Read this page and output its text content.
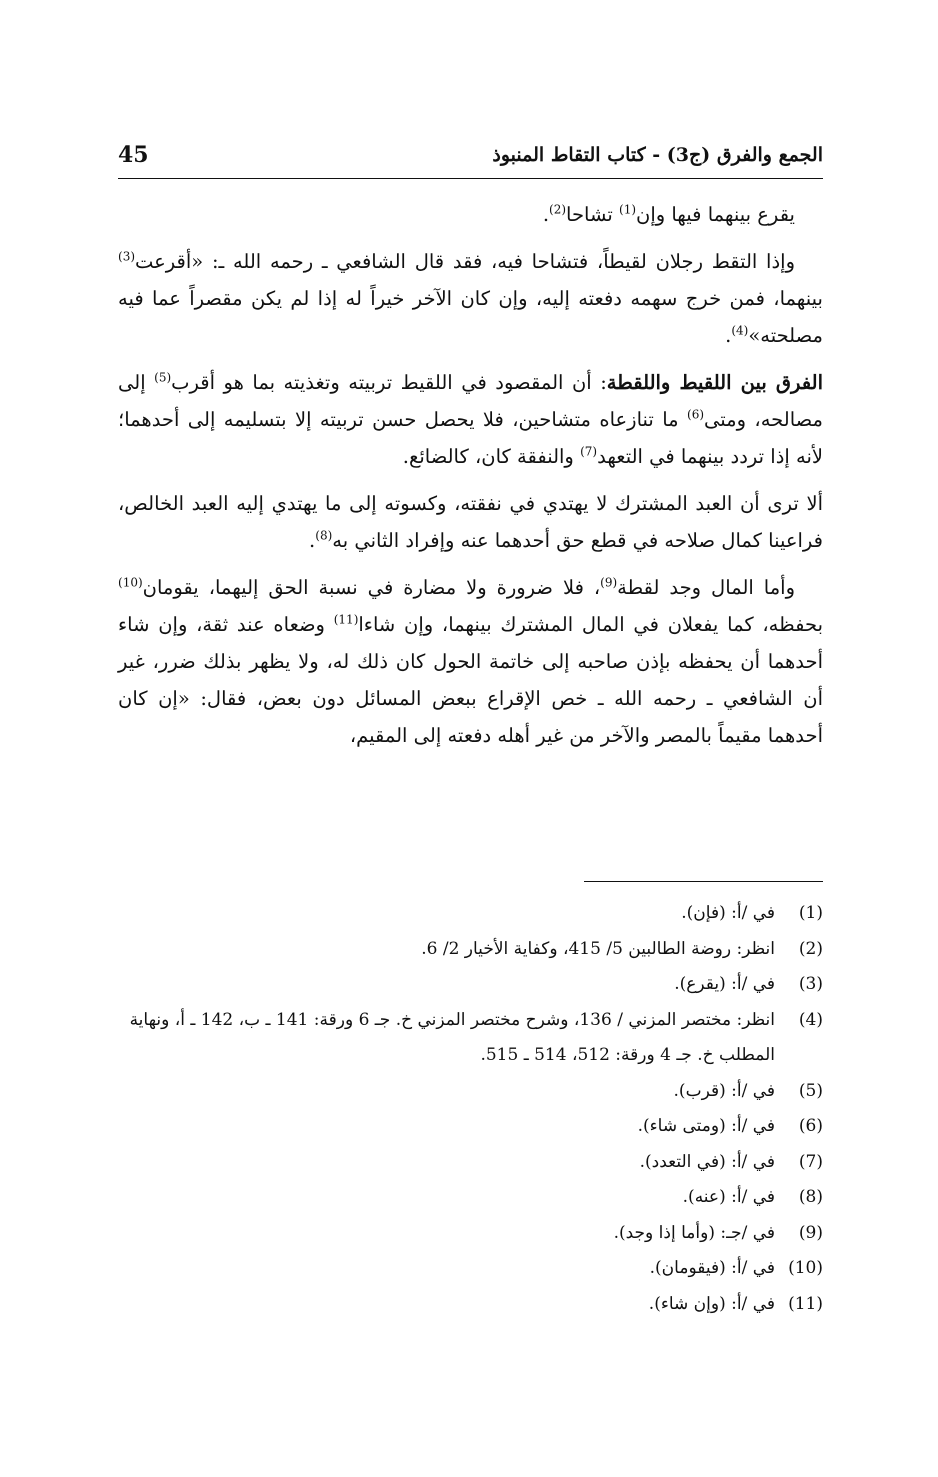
الجمع والفرق (ج3) - كتاب التقاط المنبوذ
45

يقرع بينهما فيها وإن$^{(1)}$ تشاحا$^{(2)}$.

وإذا التقط رجلان لقيطاً، فتشاحا فيه، فقد قال الشافعي ـ رحمه الله ـ: «أقرعت$^{(3)}$ بينهما، فمن خرج سهمه دفعته إليه، وإن كان الآخر خيراً له إذا لم يكن مقصراً عما فيه مصلحته»$^{(4)}$.

الفرق بين اللقيط واللقطة: أن المقصود في اللقيط تربيته وتغذيته بما هو أقرب$^{(5)}$ إلى مصالحه، ومتى$^{(6)}$ ما تنازعاه متشاحين، فلا يحصل حسن تربيته إلا بتسليمه إلى أحدهما؛ لأنه إذا تردد بينهما في التعهد$^{(7)}$ والنفقة كان، كالضائع.

ألا ترى أن العبد المشترك لا يهتدي في نفقته، وكسوته إلى ما يهتدي إليه العبد الخالص، فراعينا كمال صلاحه في قطع حق أحدهما عنه وإفراد الثاني به$^{(8)}$.

وأما المال وجد لقطة$^{(9)}$، فلا ضرورة ولا مضارة في نسبة الحق إليهما، يقومان$^{(10)}$ بحفظه، كما يفعلان في المال المشترك بينهما، وإن شاءا$^{(11)}$ وضعاه عند ثقة، وإن شاء أحدهما أن يحفظه بإذن صاحبه إلى خاتمة الحول كان ذلك له، ولا يظهر بذلك ضرر، غير أن الشافعي ـ رحمه الله ـ خص الإقراع ببعض المسائل دون بعض، فقال: «إن كان أحدهما مقيماً بالمصر والآخر من غير أهله دفعته إلى المقيم،

(1)
في /أ: (فإن).
(2)
انظر: روضة الطالبين 5/ 415، وكفاية الأخيار 2/ 6.
(3)
في /أ: (يقرع).
(4)
انظر: مختصر المزني / 136، وشرح مختصر المزني خ. جـ 6 ورقة: 141 ـ ب، 142 ـ أ، ونهاية المطلب خ. جـ 4 ورقة: 512، 514 ـ 515.
(5)
في /أ: (قرب).
(6)
في /أ: (ومتى شاء).
(7)
في /أ: (في التعدد).
(8)
في /أ: (عنه).
(9)
في /جـ: (وأما إذا وجد).
(10)
في /أ: (فيقومان).
(11)
في /أ: (وإن شاء).
